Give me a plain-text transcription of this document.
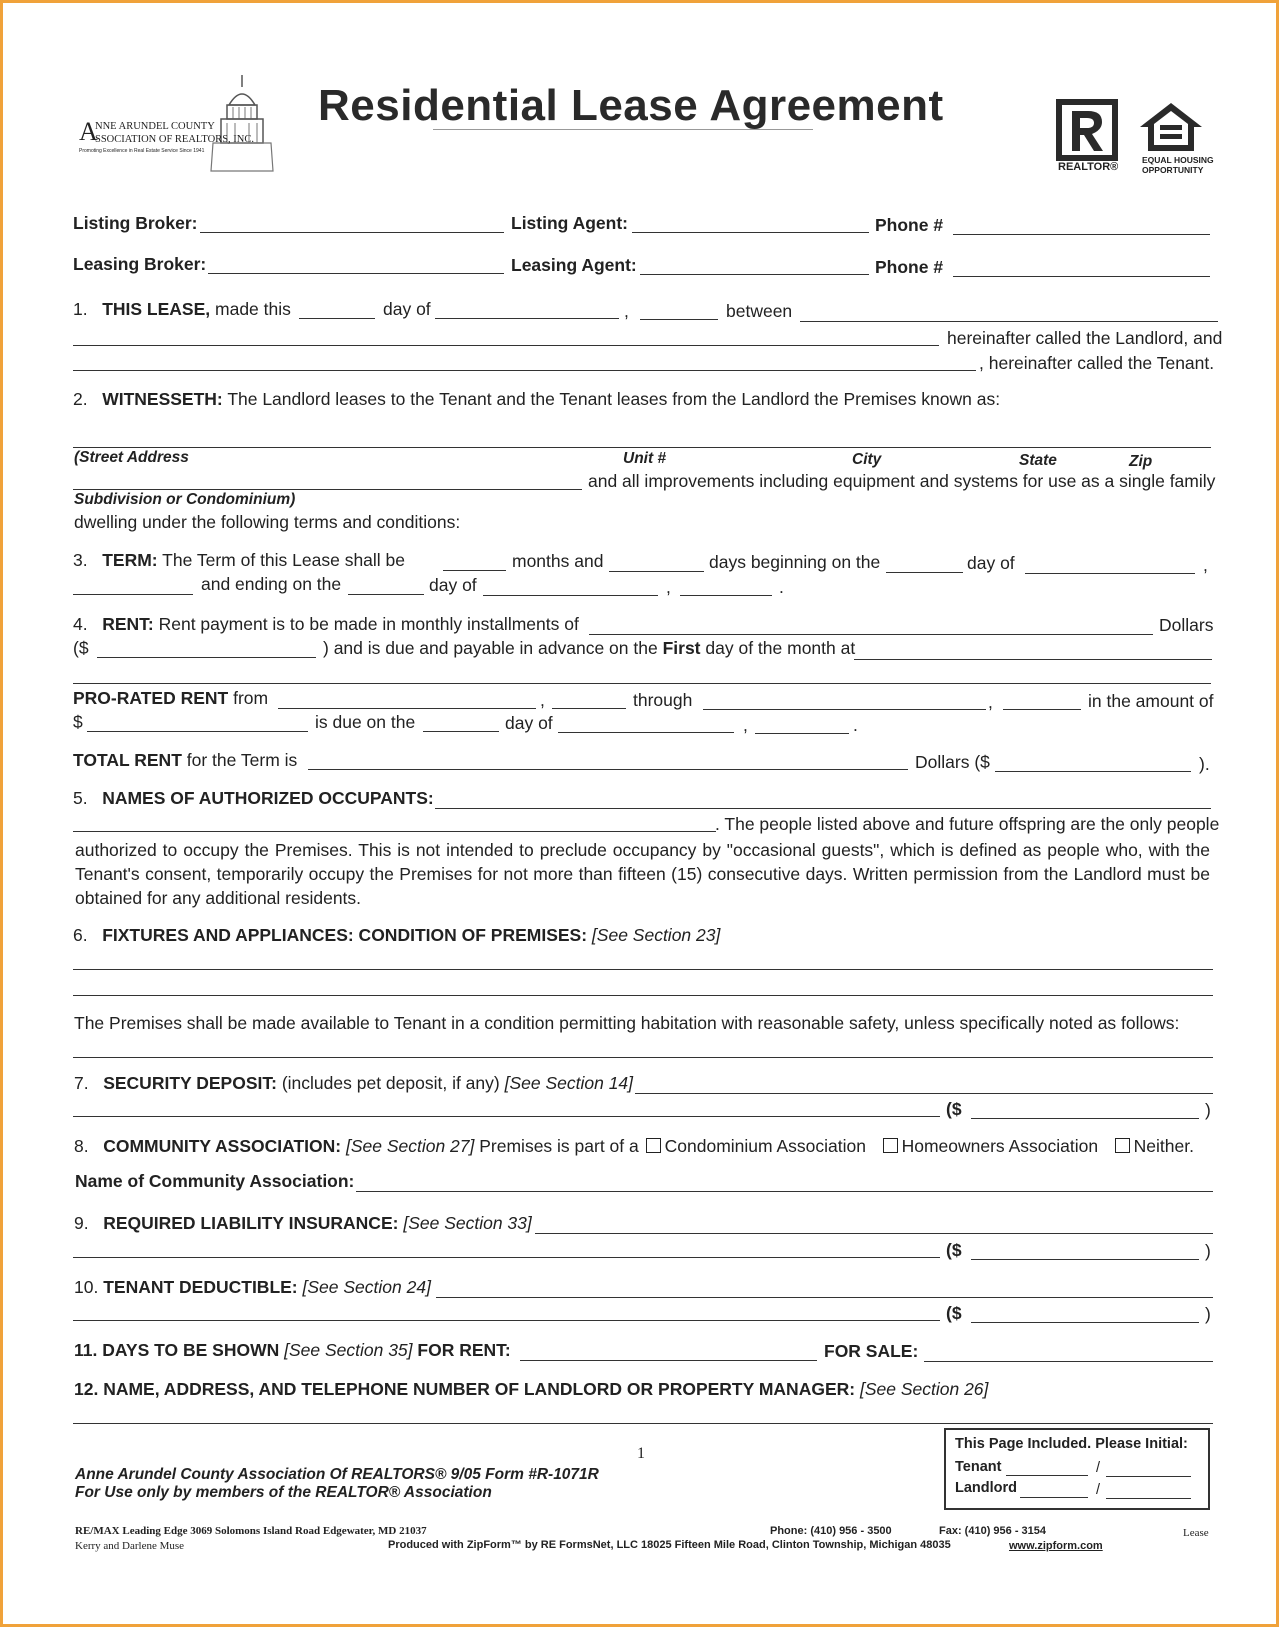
A
NNE ARUNDEL COUNTY
SSOCIATION OF REALTORS, INC.
Promoting Excellence in Real Estate Service Since 1941
Residential Lease Agreement
REALTOR®
EQUAL HOUSING
OPPORTUNITY
Listing Broker:	Listing Agent:	Phone #
Leasing Broker:	Leasing Agent:	Phone #
1. THIS LEASE, made this	day of	,	between
hereinafter called the Landlord, and
, hereinafter called the Tenant.
2. WITNESSETH: The Landlord leases to the Tenant and the Tenant leases from the Landlord the Premises known as:
(Street Address	Unit #	City	State	Zip
and all improvements including equipment and systems for use as a single family
Subdivision or Condominium)
dwelling under the following terms and conditions:
3. TERM: The Term of this Lease shall be	months and	days beginning on the	day of	,
and ending on the	day of	,	.
4. RENT: Rent payment is to be made in monthly installments of	Dollars
($	) and is due and payable in advance on the First day of the month at
PRO-RATED RENT from	,	through	,	in the amount of
$	is due on the	day of	,	.
TOTAL RENT for the Term is	Dollars ($	).
5. NAMES OF AUTHORIZED OCCUPANTS:
. The people listed above and future offspring are the only people
authorized to occupy the Premises. This is not intended to preclude occupancy by "occasional guests", which is defined as people who, with the Tenant's consent, temporarily occupy the Premises for not more than fifteen (15) consecutive days. Written permission from the Landlord must be obtained for any additional residents.
6. FIXTURES AND APPLIANCES: CONDITION OF PREMISES: [See Section 23]
The Premises shall be made available to Tenant in a condition permitting habitation with reasonable safety, unless specifically noted as follows:
7. SECURITY DEPOSIT: (includes pet deposit, if any) [See Section 14]
($	)
8. COMMUNITY ASSOCIATION: [See Section 27] Premises is part of a Condominium Association Homeowners Association Neither.
Name of Community Association:
9. REQUIRED LIABILITY INSURANCE: [See Section 33]
($	)
10. TENANT DEDUCTIBLE: [See Section 24]
($	)
11. DAYS TO BE SHOWN [See Section 35] FOR RENT:	FOR SALE:
12. NAME, ADDRESS, AND TELEPHONE NUMBER OF LANDLORD OR PROPERTY MANAGER: [See Section 26]
1
Anne Arundel County Association Of REALTORS® 9/05 Form #R-1071R
For Use only by members of the REALTOR® Association
This Page Included. Please Initial:
Tenant	/
Landlord	/
RE/MAX Leading Edge 3069 Solomons Island Road Edgewater, MD 21037
Kerry and Darlene Muse
Phone: (410) 956 - 3500	Fax: (410) 956 - 3154	Lease
Produced with ZipForm™ by RE FormsNet, LLC 18025 Fifteen Mile Road, Clinton Township, Michigan 48035	www.zipform.com
